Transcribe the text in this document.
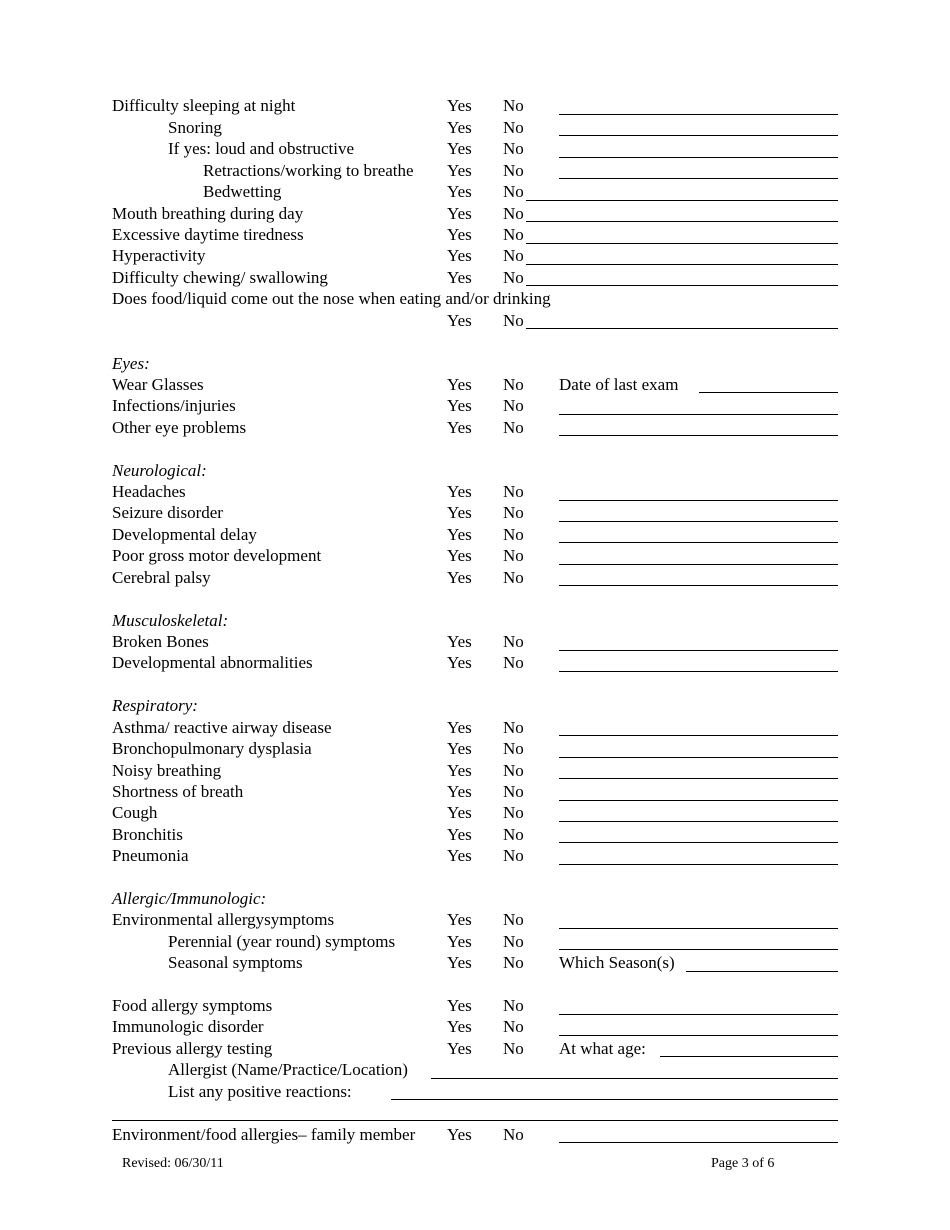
Difficulty sleeping at night	Yes No
Snoring	Yes No
If yes: loud and obstructive	Yes No
Retractions/working to breathe Yes No
Bedwetting	Yes No
Mouth breathing during day	Yes No
Excessive daytime tiredness	Yes No
Hyperactivity	Yes No
Difficulty chewing/ swallowing	Yes No
Does food/liquid come out the nose when eating and/or drinking
Yes No
Eyes:
Wear Glasses	Yes No Date of last exam
Infections/injuries	Yes No
Other eye problems	Yes No
Neurological:
Headaches	Yes No
Seizure disorder	Yes No
Developmental delay	Yes No
Poor gross motor development	Yes No
Cerebral palsy	Yes No
Musculoskeletal:
Broken Bones	Yes No
Developmental abnormalities	Yes No
Respiratory:
Asthma/ reactive airway disease	Yes No
Bronchopulmonary dysplasia	Yes No
Noisy breathing	Yes No
Shortness of breath	Yes No
Cough	Yes No
Bronchitis	Yes No
Pneumonia	Yes No
Allergic/Immunologic:
Environmental allergysymptoms	Yes No
Perennial (year round) symptoms	Yes No
Seasonal symptoms	Yes No Which Season(s)
Food allergy symptoms	Yes No
Immunologic disorder	Yes No
Previous allergy testing	Yes No At what age:
Allergist (Name/Practice/Location)
List any positive reactions:
Environment/food allergies– family member Yes No
Revised: 06/30/11	Page 3 of 6
